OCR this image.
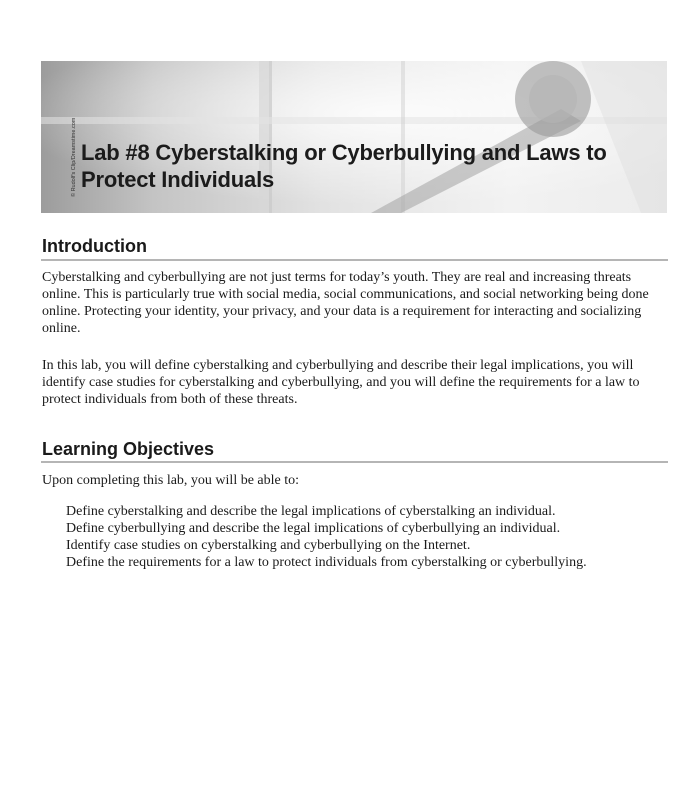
© Rudolf's Clip/Dreamstime.com Lab #8 Cyberstalking or Cyberbullying and Laws to
Protect Individuals
Introduction
Cyberstalking and cyberbullying are not just terms for today’s youth. They are real and increasing threats online. This is particularly true with social media, social communications, and social networking being done online. Protecting your identity, your privacy, and your data is a requirement for interacting and socializing online.
In this lab, you will define cyberstalking and cyberbullying and describe their legal implications, you will identify case studies for cyberstalking and cyberbullying, and you will define the requirements for a law to protect individuals from both of these threats.
Learning Objectives
Upon completing this lab, you will be able to:
Define cyberstalking and describe the legal implications of cyberstalking an individual.
Define cyberbullying and describe the legal implications of cyberbullying an individual.
Identify case studies on cyberstalking and cyberbullying on the Internet.
Define the requirements for a law to protect individuals from cyberstalking or cyberbullying.
